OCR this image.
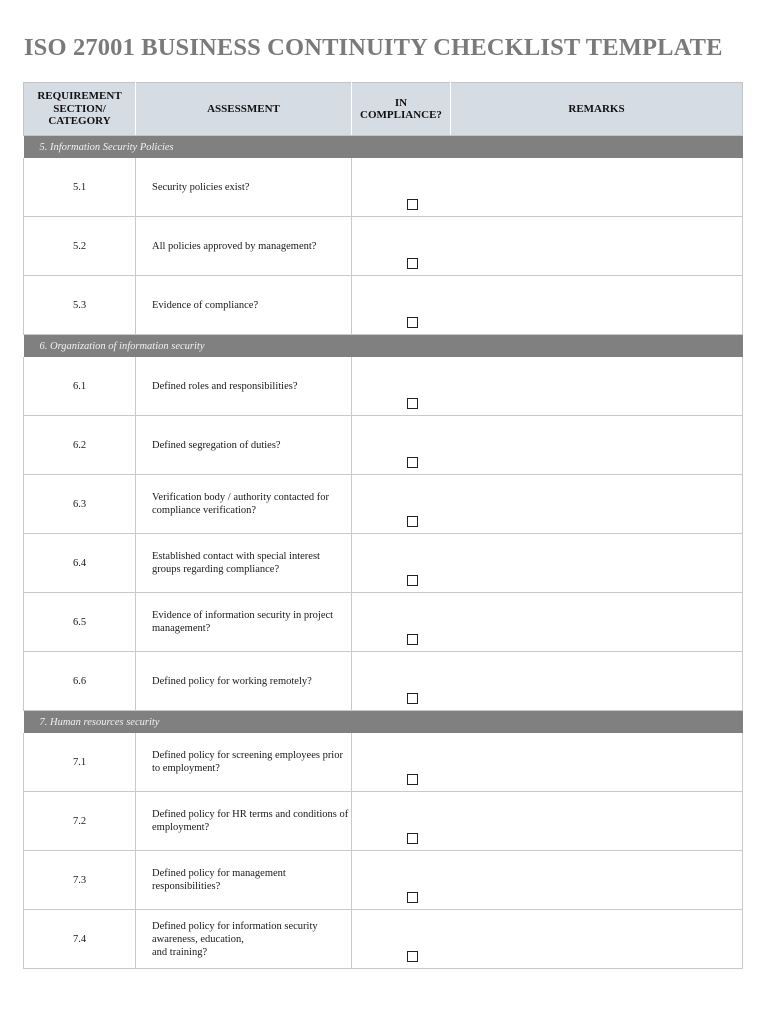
ISO 27001 BUSINESS CONTINUITY CHECKLIST TEMPLATE
REQUIREMENT SECTION/ CATEGORY	ASSESSMENT	IN COMPLIANCE?	REMARKS
5. Information Security Policies			
5.1	Security policies exist?	

5.2	All policies approved by management?	

5.3	Evidence of compliance?	

6. Organization of information security			
6.1	Defined roles and responsibilities?	

6.2	Defined segregation of duties?	

6.3	Verification body / authority contacted for compliance verification?	

6.4	Established contact with special interest groups regarding compliance?	

6.5	Evidence of information security in project management?	

6.6	Defined policy for working remotely?	

7. Human resources security			
7.1	Defined policy for screening employees prior to employment?	

7.2	Defined policy for HR terms and conditions of employment?	

7.3	Defined policy for management responsibilities?	

7.4	Defined policy for information security awareness, education,
and training?	
